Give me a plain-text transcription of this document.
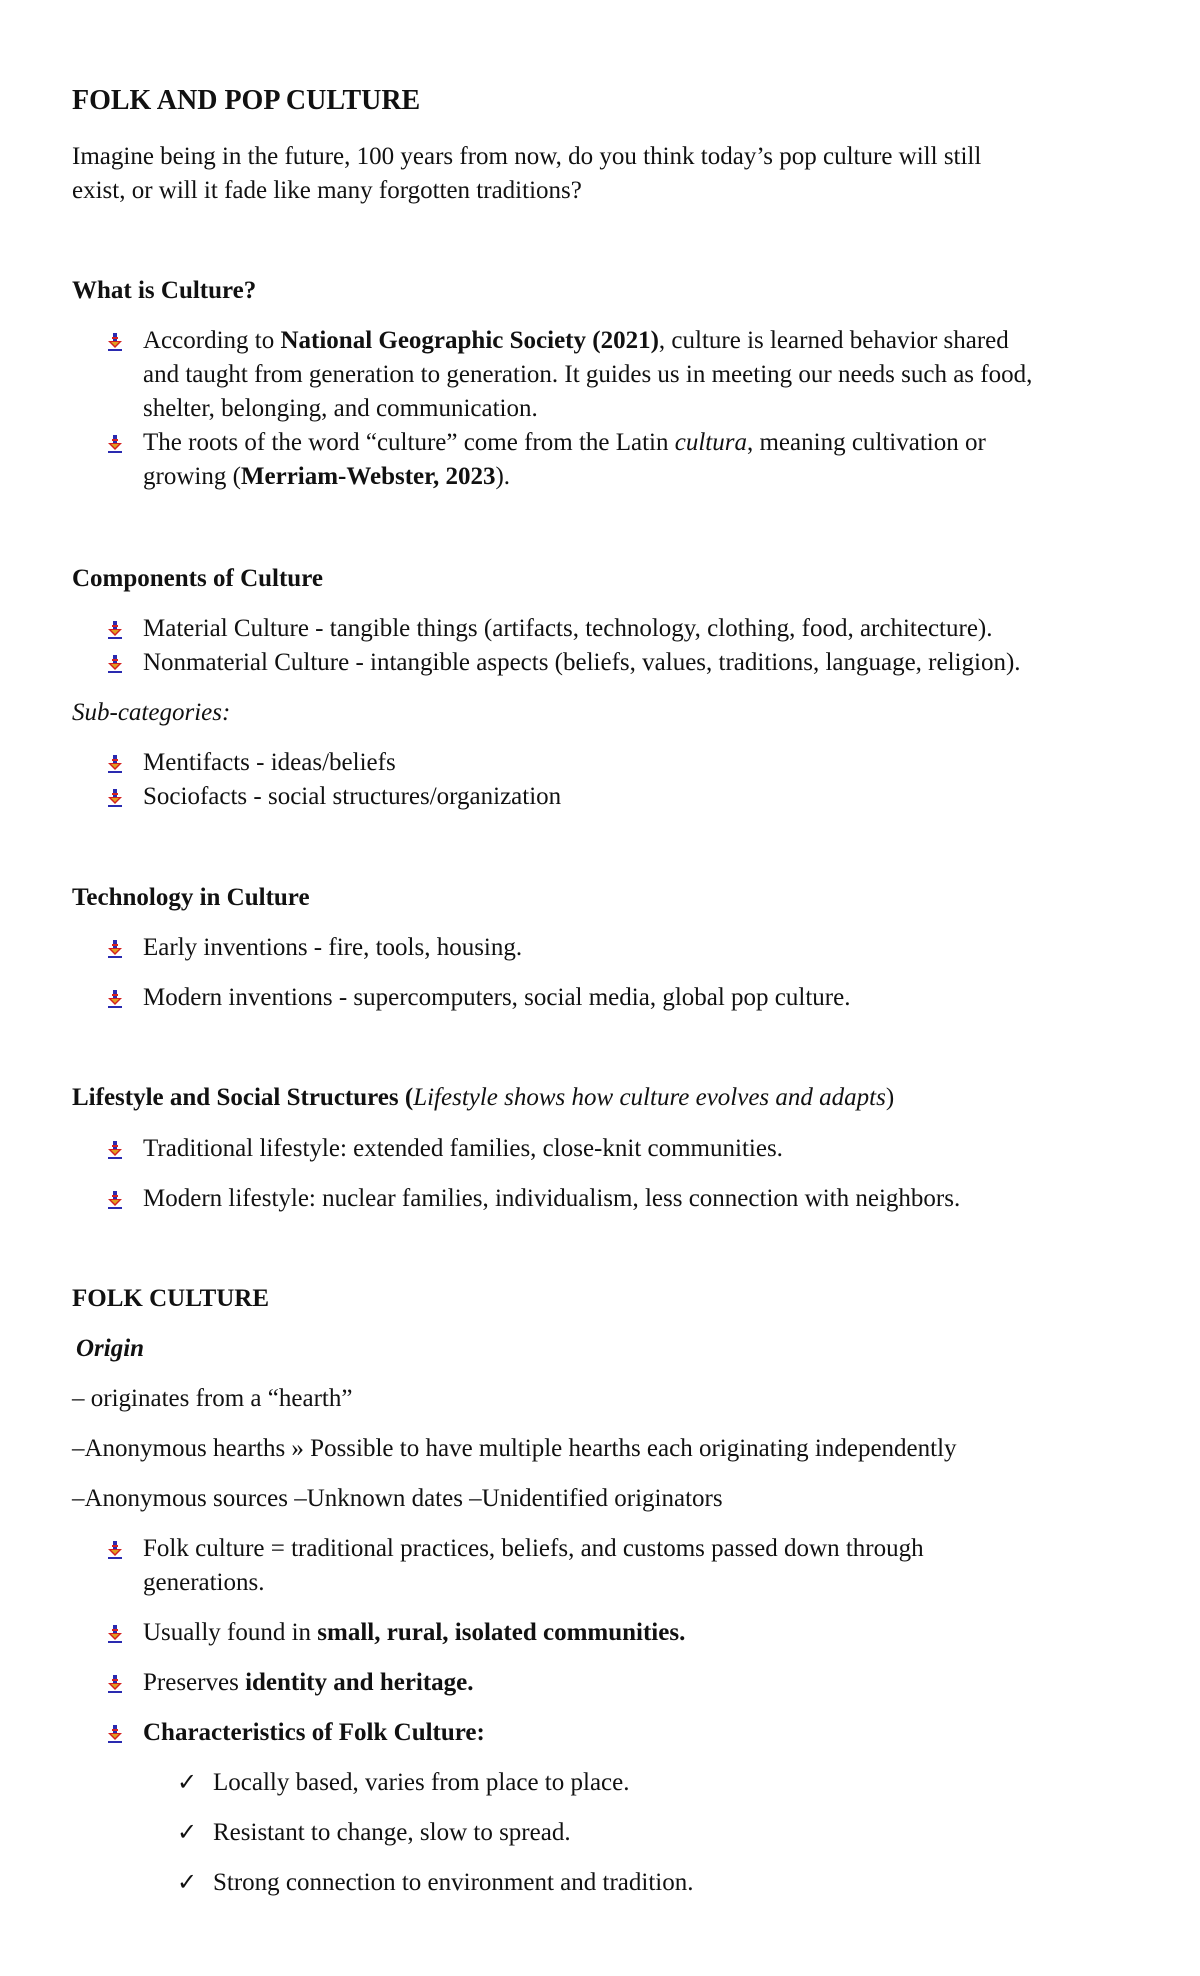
FOLK AND POP CULTURE
Imagine being in the future, 100 years from now, do you think today’s pop culture will still
exist, or will it fade like many forgotten traditions?
What is Culture?
According to National Geographic Society (2021), culture is learned behavior shared
and taught from generation to generation. It guides us in meeting our needs such as food,
shelter, belonging, and communication.
The roots of the word “culture” come from the Latin cultura, meaning cultivation or
growing (Merriam-Webster, 2023).
Components of Culture
Material Culture - tangible things (artifacts, technology, clothing, food, architecture).
Nonmaterial Culture - intangible aspects (beliefs, values, traditions, language, religion).
Sub-categories:
Mentifacts - ideas/beliefs
Sociofacts - social structures/organization
Technology in Culture
Early inventions - fire, tools, housing.
Modern inventions - supercomputers, social media, global pop culture.
Lifestyle and Social Structures (Lifestyle shows how culture evolves and adapts)
Traditional lifestyle: extended families, close-knit communities.
Modern lifestyle: nuclear families, individualism, less connection with neighbors.
FOLK CULTURE
Origin
– originates from a “hearth”
–Anonymous hearths » Possible to have multiple hearths each originating independently
–Anonymous sources –Unknown dates –Unidentified originators
Folk culture = traditional practices, beliefs, and customs passed down through
generations.
Usually found in small, rural, isolated communities.
Preserves identity and heritage.
Characteristics of Folk Culture:
✓ Locally based, varies from place to place.
✓ Resistant to change, slow to spread.
✓ Strong connection to environment and tradition.
